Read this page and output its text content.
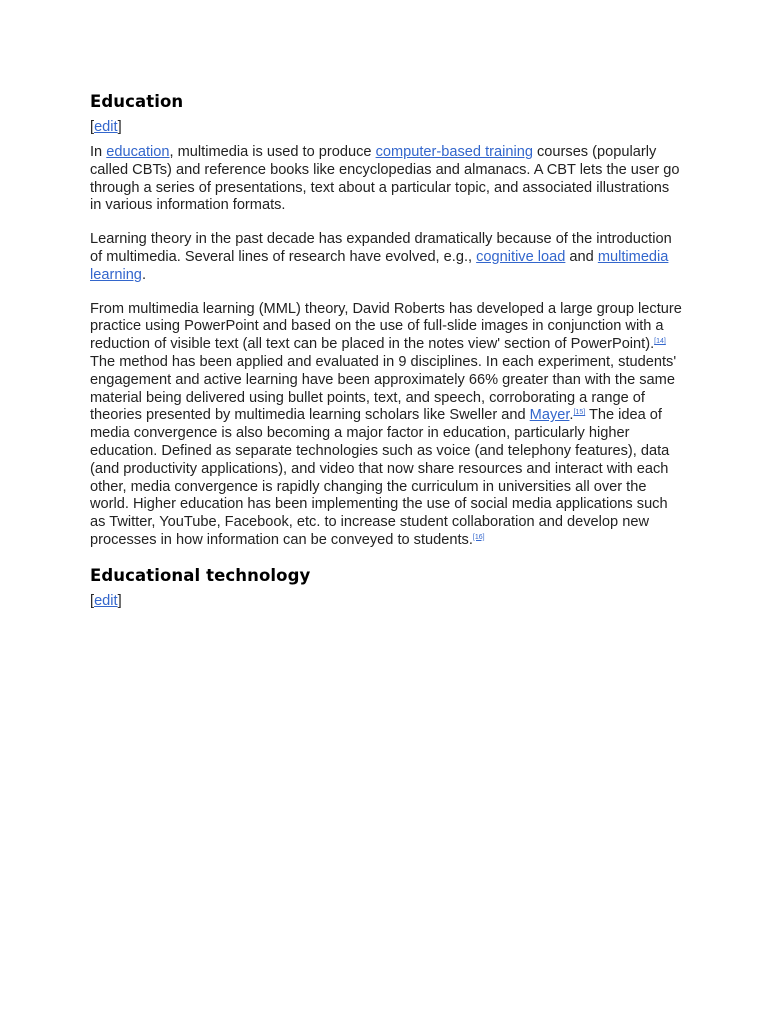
Education
[edit]

In education, multimedia is used to produce computer-based training courses (popularly called CBTs) and reference books like encyclopedias and almanacs. A CBT lets the user go through a series of presentations, text about a particular topic, and associated illustrations in various information formats.

Learning theory in the past decade has expanded dramatically because of the introduction of multimedia. Several lines of research have evolved, e.g., cognitive load and multimedia learning.

From multimedia learning (MML) theory, David Roberts has developed a large group lecture practice using PowerPoint and based on the use of full-slide images in conjunction with a reduction of visible text (all text can be placed in the notes view' section of PowerPoint).[14] The method has been applied and evaluated in 9 disciplines. In each experiment, students' engagement and active learning have been approximately 66% greater than with the same material being delivered using bullet points, text, and speech, corroborating a range of theories presented by multimedia learning scholars like Sweller and Mayer.[15] The idea of media convergence is also becoming a major factor in education, particularly higher education. Defined as separate technologies such as voice (and telephony features), data (and productivity applications), and video that now share resources and interact with each other, media convergence is rapidly changing the curriculum in universities all over the world. Higher education has been implementing the use of social media applications such as Twitter, YouTube, Facebook, etc. to increase student collaboration and develop new processes in how information can be conveyed to students.[16]

Educational technology
[edit]
